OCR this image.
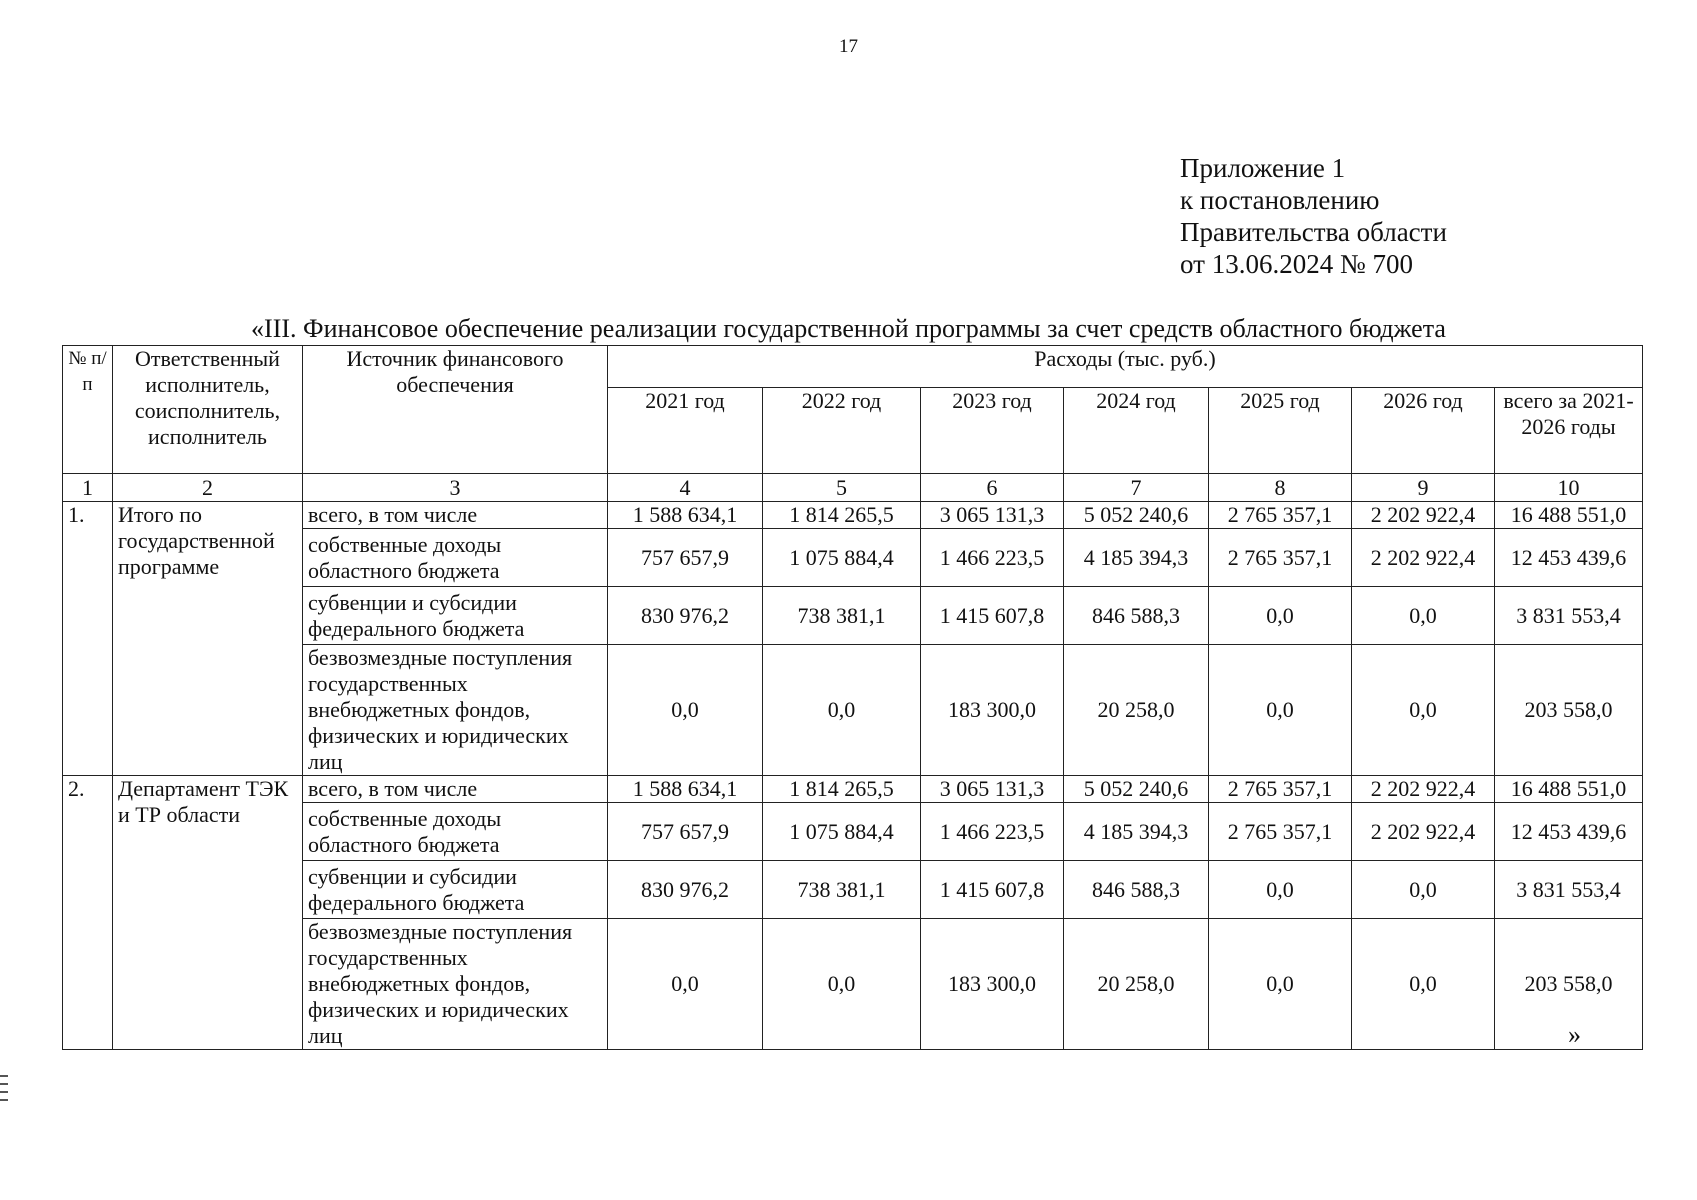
17
Приложение 1
к постановлению
Правительства области
от 13.06.2024 № 700
«III. Финансовое обеспечение реализации государственной программы за счет средств областного бюджета
№ п/п	Ответственный исполнитель, соисполнитель, исполнитель	Источник финансового обеспечения	Расходы (тыс. руб.)						
			2021 год	2022 год	2023 год	2024 год	2025 год	2026 год	всего за 2021-2026 годы
1	2	3	4	5	6	7	8	9	10
1.	Итого по государственной программе	всего, в том числе	1 588 634,1	1 814 265,5	3 065 131,3	5 052 240,6	2 765 357,1	2 202 922,4	16 488 551,0
		собственные доходы областного бюджета	757 657,9	1 075 884,4	1 466 223,5	4 185 394,3	2 765 357,1	2 202 922,4	12 453 439,6
		субвенции и субсидии федерального бюджета	830 976,2	738 381,1	1 415 607,8	846 588,3	0,0	0,0	3 831 553,4
		безвозмездные поступления государственных внебюджетных фондов, физических и юридических лиц	0,0	0,0	183 300,0	20 258,0	0,0	0,0	203 558,0
2.	Департамент ТЭК и ТР области	всего, в том числе	1 588 634,1	1 814 265,5	3 065 131,3	5 052 240,6	2 765 357,1	2 202 922,4	16 488 551,0
		собственные доходы областного бюджета	757 657,9	1 075 884,4	1 466 223,5	4 185 394,3	2 765 357,1	2 202 922,4	12 453 439,6
		субвенции и субсидии федерального бюджета	830 976,2	738 381,1	1 415 607,8	846 588,3	0,0	0,0	3 831 553,4
		безвозмездные поступления государственных внебюджетных фондов, физических и юридических лиц	0,0	0,0	183 300,0	20 258,0	0,0	0,0	203 558,0
»
